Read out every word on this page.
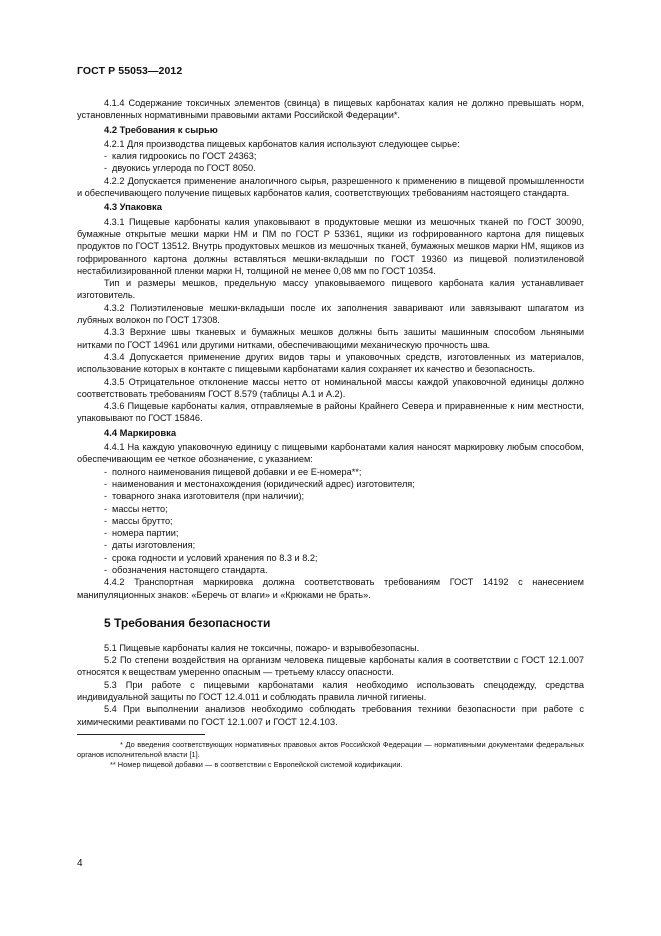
ГОСТ Р 55053—2012

4.1.4 Содержание токсичных элементов (свинца) в пищевых карбонатах калия не должно превышать норм, установленных нормативными правовыми актами Российской Федерации*.

4.2 Требования к сырью

4.2.1 Для производства пищевых карбонатов калия используют следующее сырье:

- калия гидроокись по ГОСТ 24363;
- двуокись углерода по ГОСТ 8050.

4.2.2 Допускается применение аналогичного сырья, разрешенного к применению в пищевой промышленности и обеспечивающего получение пищевых карбонатов калия, соответствующих требованиям настоящего стандарта.

4.3 Упаковка

4.3.1 Пищевые карбонаты калия упаковывают в продуктовые мешки из мешочных тканей по ГОСТ 30090, бумажные открытые мешки марки НМ и ПМ по ГОСТ Р 53361, ящики из гофрированного картона для пищевых продуктов по ГОСТ 13512. Внутрь продуктовых мешков из мешочных тканей, бумажных мешков марки НМ, ящиков из гофрированного картона должны вставляться мешки-вкладыши по ГОСТ 19360 из пищевой полиэтиленовой нестабилизированной пленки марки Н, толщиной не менее 0,08 мм по ГОСТ 10354.

Тип и размеры мешков, предельную массу упаковываемого пищевого карбоната калия устанавливает изготовитель.

4.3.2 Полиэтиленовые мешки-вкладыши после их заполнения заваривают или завязывают шпагатом из лубяных волокон по ГОСТ 17308.

4.3.3 Верхние швы тканевых и бумажных мешков должны быть зашиты машинным способом льняными нитками по ГОСТ 14961 или другими нитками, обеспечивающими механическую прочность шва.

4.3.4 Допускается применение других видов тары и упаковочных средств, изготовленных из материалов, использование которых в контакте с пищевыми карбонатами калия сохраняет их качество и безопасность.

4.3.5 Отрицательное отклонение массы нетто от номинальной массы каждой упаковочной единицы должно соответствовать требованиям ГОСТ 8.579 (таблицы А.1 и А.2).

4.3.6 Пищевые карбонаты калия, отправляемые в районы Крайнего Севера и приравненные к ним местности, упаковывают по ГОСТ 15846.

4.4 Маркировка

4.4.1 На каждую упаковочную единицу с пищевыми карбонатами калия наносят маркировку любым способом, обеспечивающим ее четкое обозначение, с указанием:

- полного наименования пищевой добавки и ее Е-номера**;
- наименования и местонахождения (юридический адрес) изготовителя;
- товарного знака изготовителя (при наличии);
- массы нетто;
- массы брутто;
- номера партии;
- даты изготовления;
- срока годности и условий хранения по 8.3 и 8.2;
- обозначения настоящего стандарта.

4.4.2 Транспортная маркировка должна соответствовать требованиям ГОСТ 14192 с нанесением манипуляционных знаков: «Беречь от влаги» и «Крюками не брать».

5 Требования безопасности

5.1 Пищевые карбонаты калия не токсичны, пожаро- и взрывобезопасны.

5.2 По степени воздействия на организм человека пищевые карбонаты калия в соответствии с ГОСТ 12.1.007 относятся к веществам умеренно опасным — третьему классу опасности.

5.3 При работе с пищевыми карбонатами калия необходимо использовать спецодежду, средства индивидуальной защиты по ГОСТ 12.4.011 и соблюдать правила личной гигиены.

5.4 При выполнении анализов необходимо соблюдать требования техники безопасности при работе с химическими реактивами по ГОСТ 12.1.007 и ГОСТ 12.4.103.

* До введения соответствующих нормативных правовых актов Российской Федерации — нормативными документами федеральных органов исполнительной власти [1].

** Номер пищевой добавки — в соответствии с Европейской системой кодификации.

4
